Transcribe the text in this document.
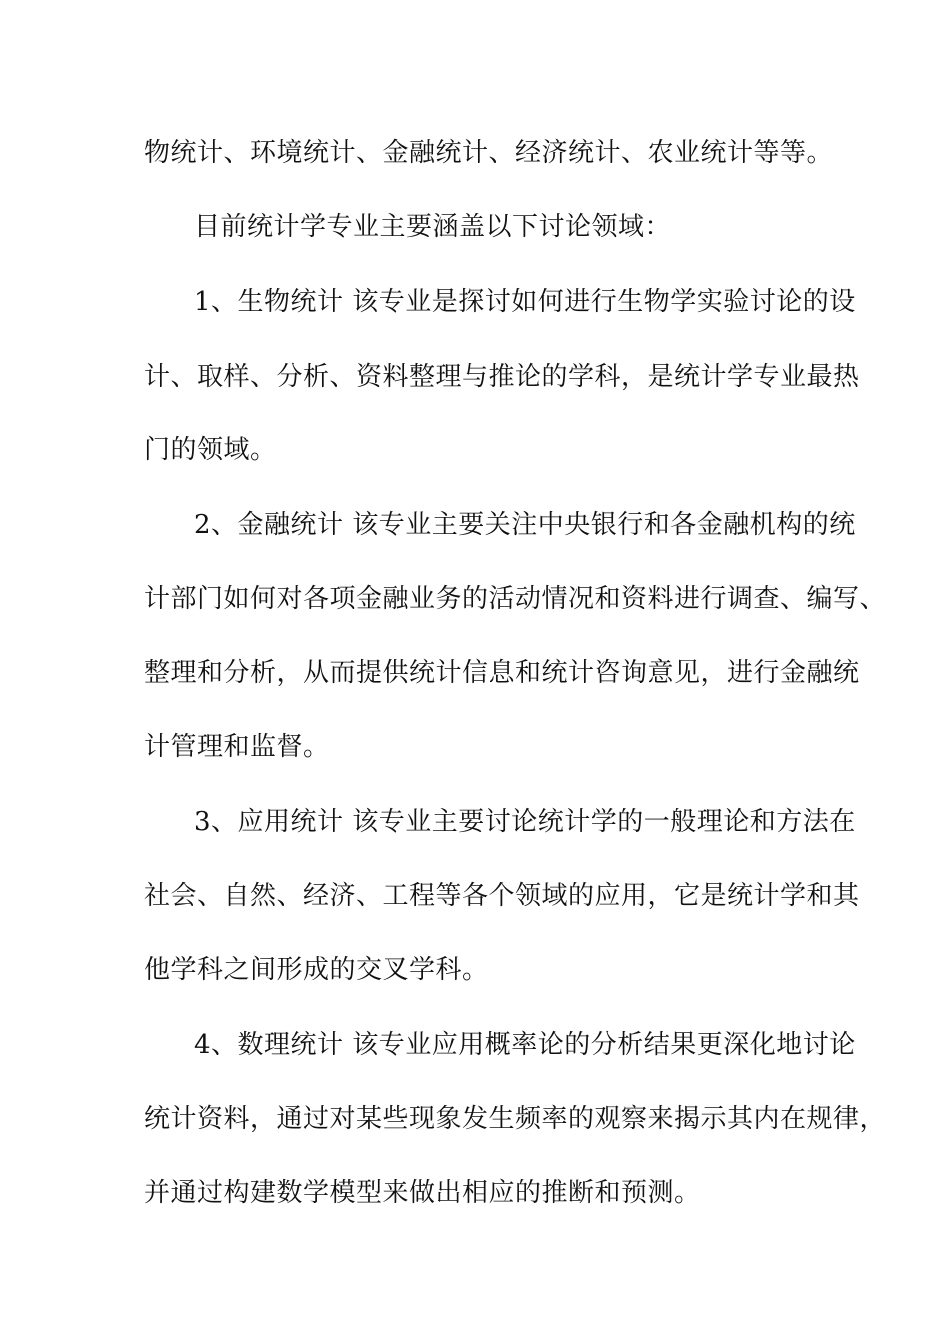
物统计、环境统计、金融统计、经济统计、农业统计等等。

目前统计学专业主要涵盖以下讨论领域：

1、生物统计 该专业是探讨如何进行生物学实验讨论的设

计、取样、分析、资料整理与推论的学科，是统计学专业最热

门的领域。

2、金融统计 该专业主要关注中央银行和各金融机构的统

计部门如何对各项金融业务的活动情况和资料进行调查、编写、

整理和分析，从而提供统计信息和统计咨询意见，进行金融统

计管理和监督。

3、应用统计 该专业主要讨论统计学的一般理论和方法在

社会、自然、经济、工程等各个领域的应用，它是统计学和其

他学科之间形成的交叉学科。

4、数理统计 该专业应用概率论的分析结果更深化地讨论

统计资料，通过对某些现象发生频率的观察来揭示其内在规律，

并通过构建数学模型来做出相应的推断和预测。
